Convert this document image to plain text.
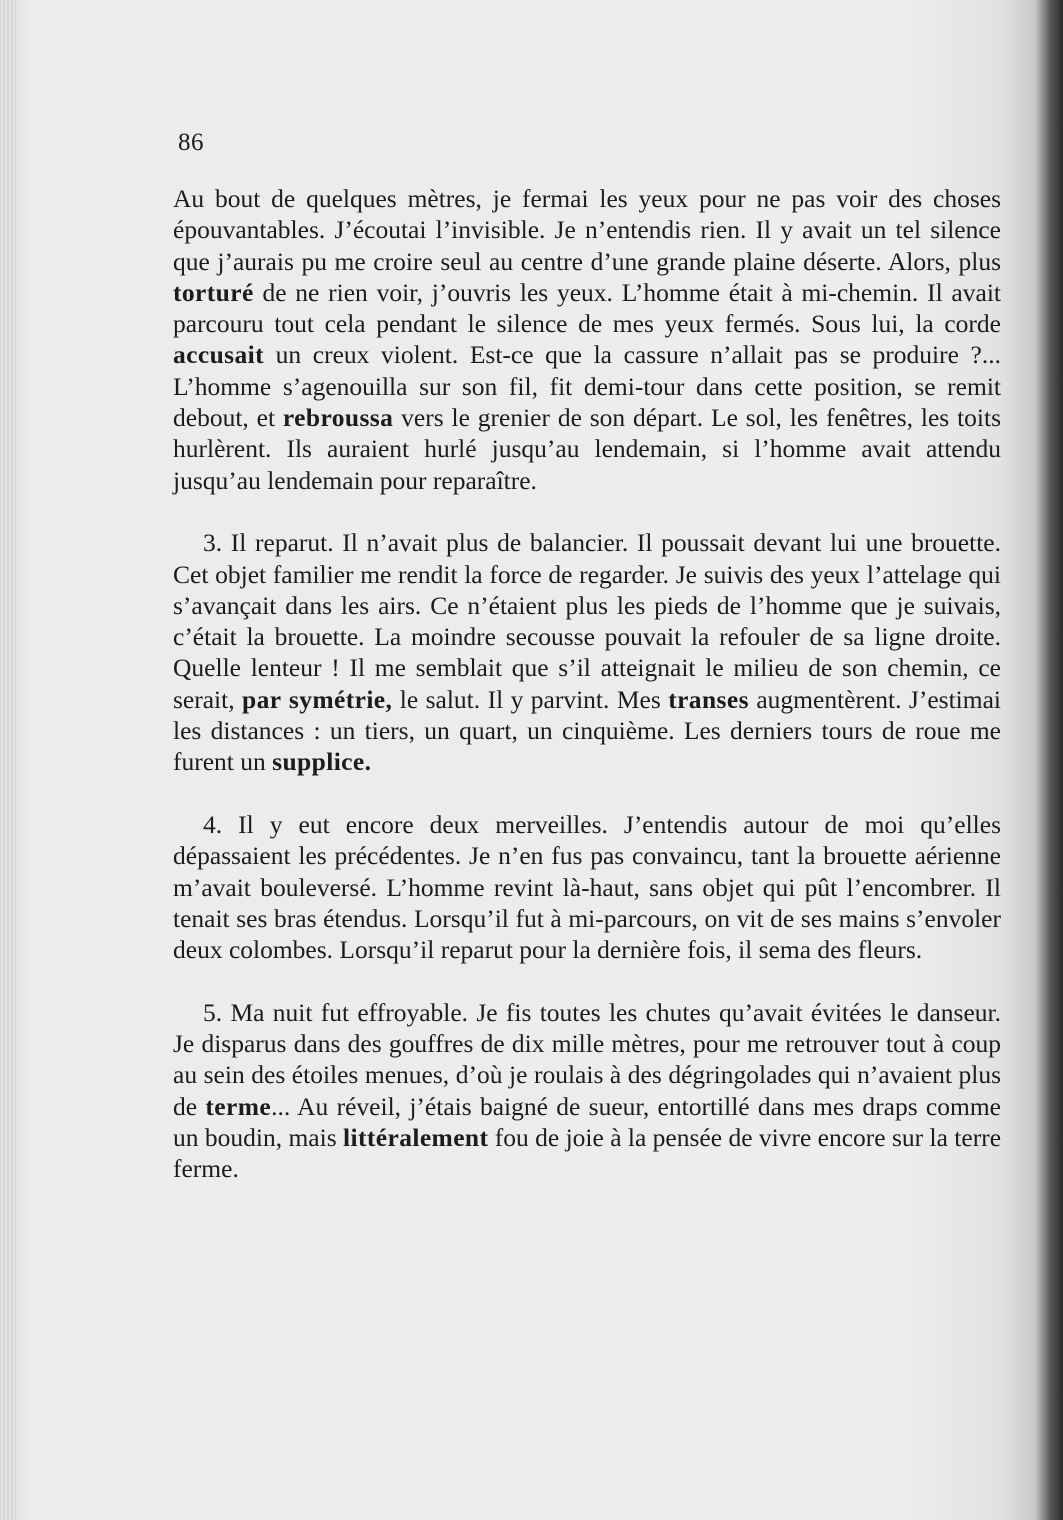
86

Au bout de quelques mètres, je fermai les yeux pour ne pas voir des choses épouvantables. J’écoutai l’invisible. Je n’entendis rien. Il y avait un tel silence que j’aurais pu me croire seul au centre d’une grande plaine déserte. Alors, plus torturé de ne rien voir, j’ouvris les yeux. L’homme était à mi-chemin. Il avait parcouru tout cela pendant le silence de mes yeux fermés. Sous lui, la corde accusait un creux violent. Est-ce que la cassure n’allait pas se produire ?... L’homme s’agenouilla sur son fil, fit demi-tour dans cette position, se remit debout, et rebroussa vers le grenier de son départ. Le sol, les fenêtres, les toits hurlèrent. Ils auraient hurlé jusqu’au lendemain, si l’homme avait attendu jusqu’au lendemain pour reparaître.

3. Il reparut. Il n’avait plus de balancier. Il poussait devant lui une brouette. Cet objet familier me rendit la force de regarder. Je suivis des yeux l’attelage qui s’avançait dans les airs. Ce n’étaient plus les pieds de l’homme que je suivais, c’était la brouette. La moindre secousse pouvait la refouler de sa ligne droite. Quelle lenteur ! Il me semblait que s’il atteignait le milieu de son chemin, ce serait, par symétrie, le salut. Il y parvint. Mes transes augmentèrent. J’estimai les distances : un tiers, un quart, un cinquième. Les derniers tours de roue me furent un supplice.

4. Il y eut encore deux merveilles. J’entendis autour de moi qu’elles dépassaient les précédentes. Je n’en fus pas convaincu, tant la brouette aérienne m’avait bouleversé. L’homme revint là-haut, sans objet qui pût l’encombrer. Il tenait ses bras étendus. Lorsqu’il fut à mi-parcours, on vit de ses mains s’envoler deux colombes. Lorsqu’il reparut pour la dernière fois, il sema des fleurs.

5. Ma nuit fut effroyable. Je fis toutes les chutes qu’avait évitées le danseur. Je disparus dans des gouffres de dix mille mètres, pour me retrouver tout à coup au sein des étoiles menues, d’où je roulais à des dégringolades qui n’avaient plus de terme... Au réveil, j’étais baigné de sueur, entortillé dans mes draps comme un boudin, mais littéralement fou de joie à la pensée de vivre encore sur la terre ferme.
